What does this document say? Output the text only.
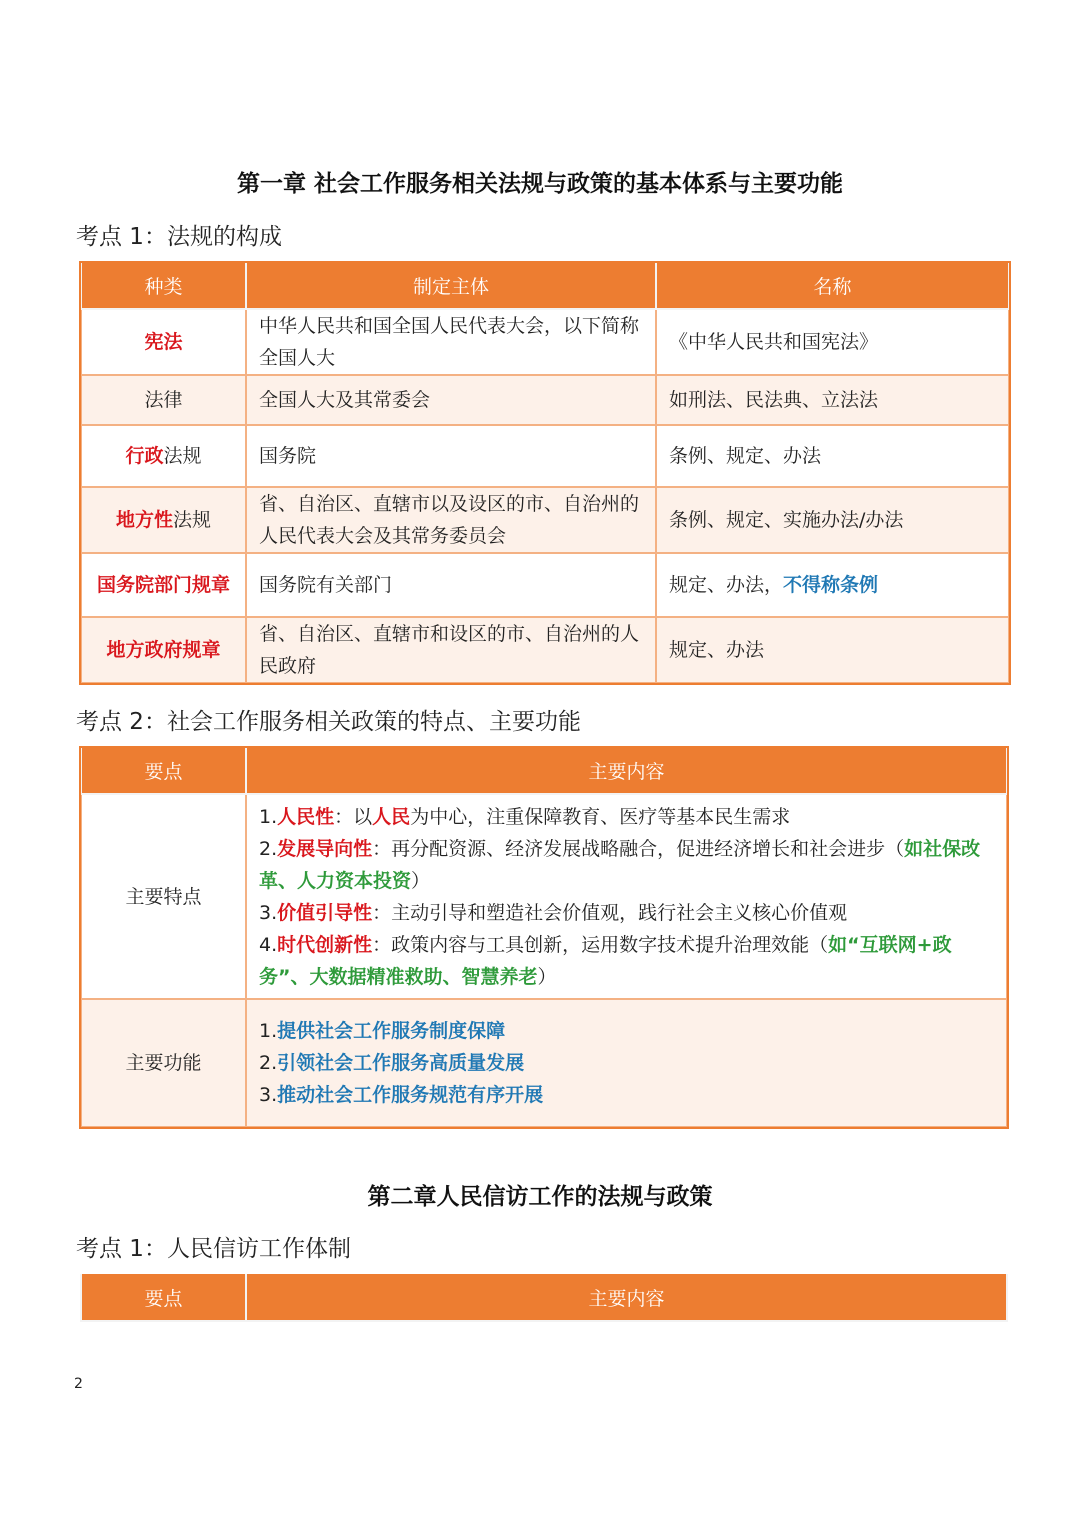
第一章 社会工作服务相关法规与政策的基本体系与主要功能
考点 1：法规的构成
种类	制定主体	名称
宪法	中华人民共和国全国人民代表大会，以下简称全国人大	《中华人民共和国宪法》
法律	全国人大及其常委会	如刑法、民法典、立法法
行政法规	国务院	条例、规定、办法
地方性法规	省、自治区、直辖市以及设区的市、自治州的人民代表大会及其常务委员会	条例、规定、实施办法/办法
国务院部门规章	国务院有关部门	规定、办法，不得称条例
地方政府规章	省、自治区、直辖市和设区的市、自治州的人民政府	规定、办法
考点 2：社会工作服务相关政策的特点、主要功能
要点	主要内容
主要特点	1.人民性：以人民为中心，注重保障教育、医疗等基本民生需求
2.发展导向性：再分配资源、经济发展战略融合，促进经济增长和社会进步（如社保改革、人力资本投资）
3.价值引导性：主动引导和塑造社会价值观，践行社会主义核心价值观
4.时代创新性：政策内容与工具创新，运用数字技术提升治理效能（如“互联网+政务”、大数据精准救助、智慧养老）

主要功能	1.提供社会工作服务制度保障
2.引领社会工作服务高质量发展
3.推动社会工作服务规范有序开展
第二章人民信访工作的法规与政策
考点 1：人民信访工作体制
要点	主要内容
2
